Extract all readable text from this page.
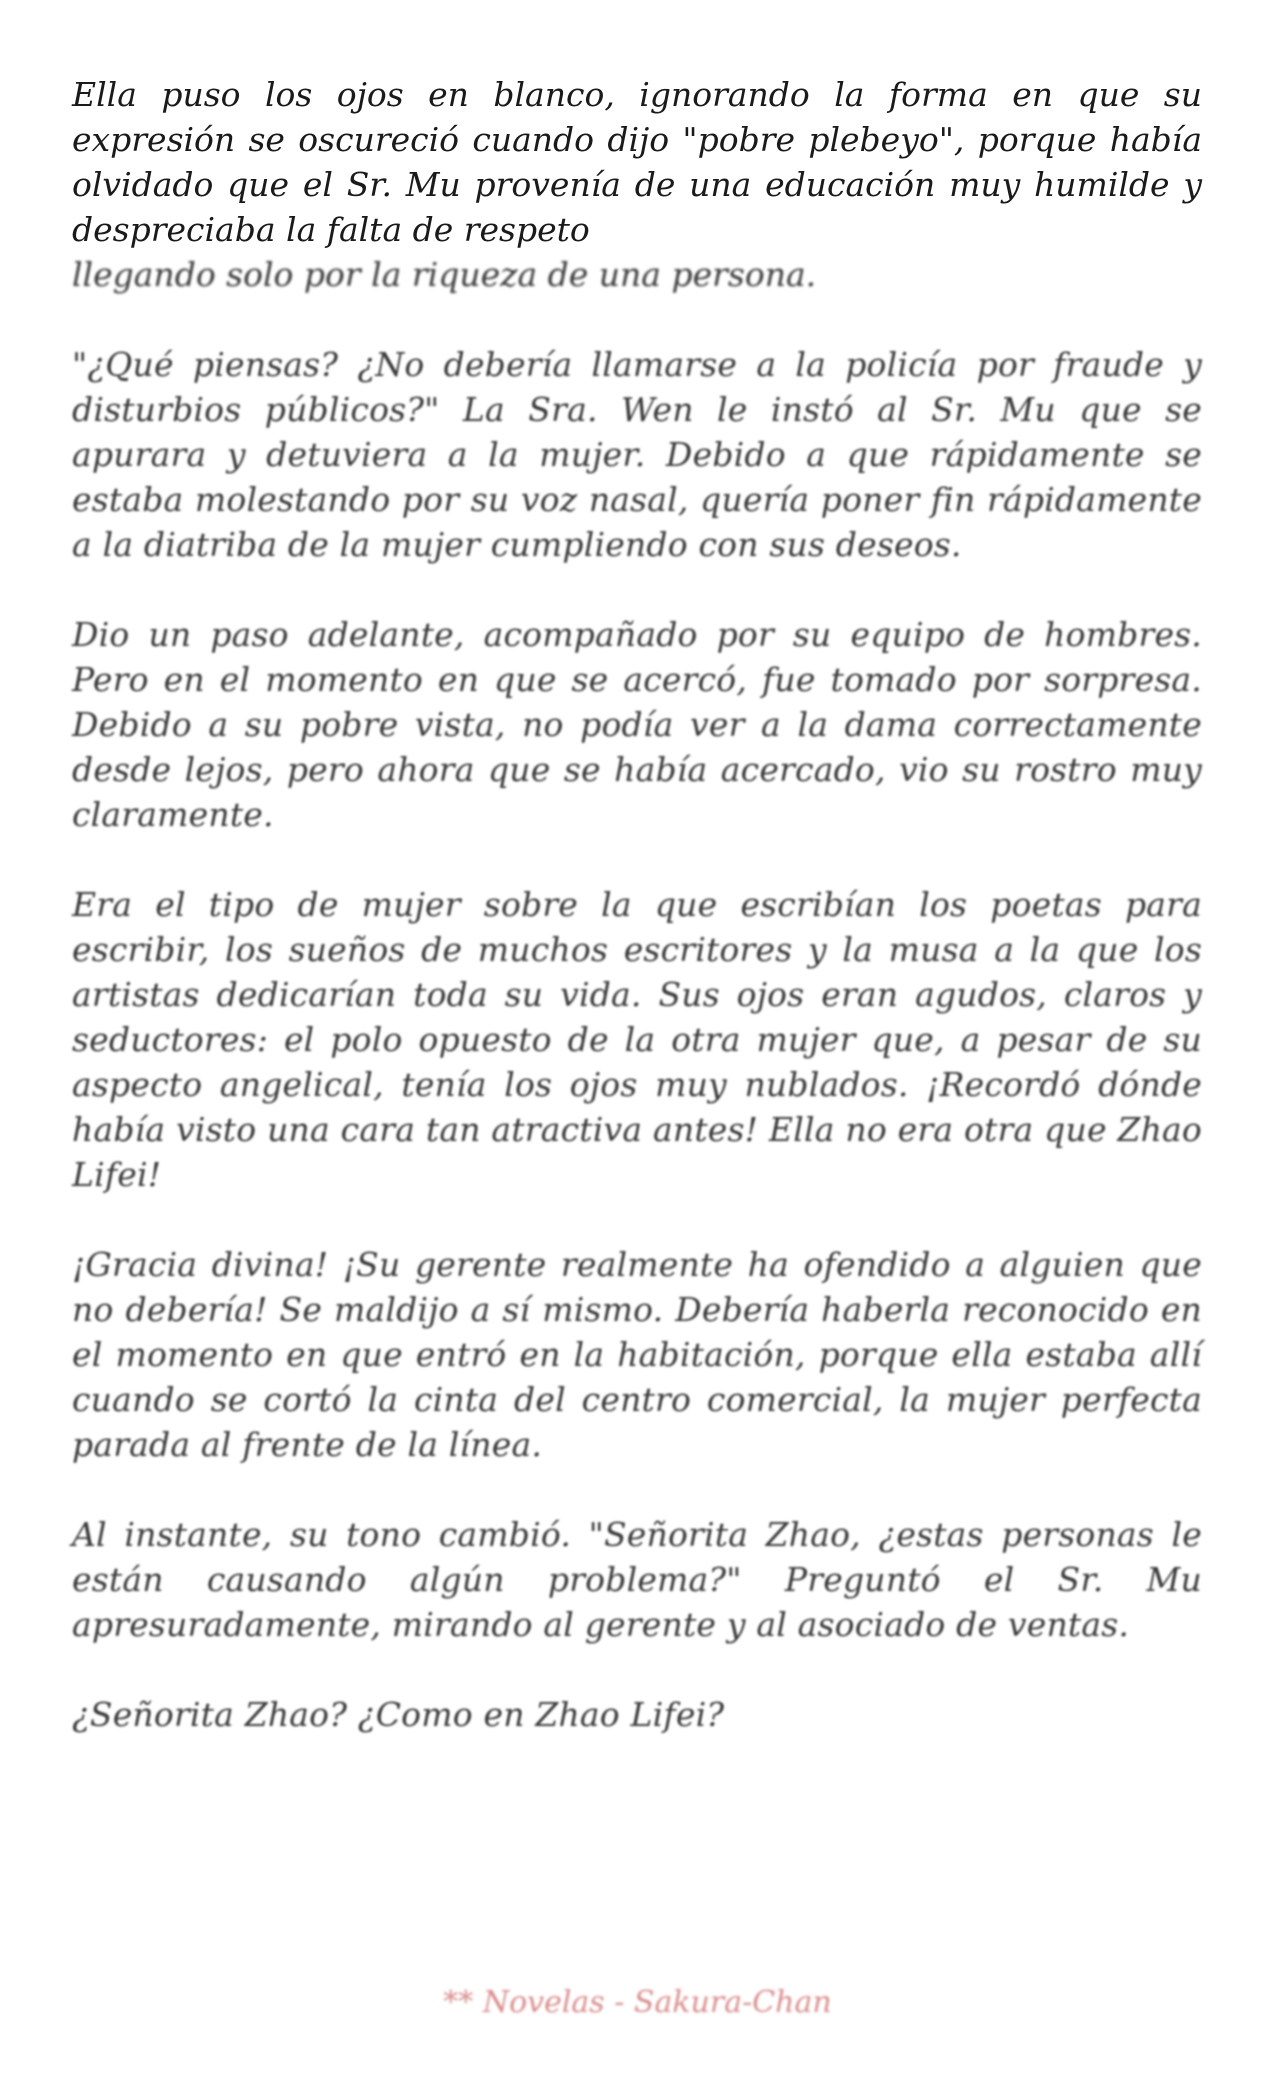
Ella puso los ojos en blanco, ignorando la forma en que su expresión se oscureció cuando dijo "pobre plebeyo", porque había olvidado que el Sr. Mu provenía de una educación muy humilde y despreciaba la falta de respeto

llegando solo por la riqueza de una persona.

"¿Qué piensas? ¿No debería llamarse a la policía por fraude y disturbios públicos?" La Sra. Wen le instó al Sr. Mu que se apurara y detuviera a la mujer. Debido a que rápidamente se estaba molestando por su voz nasal, quería poner fin rápidamente a la diatriba de la mujer cumpliendo con sus deseos.

Dio un paso adelante, acompañado por su equipo de hombres. Pero en el momento en que se acercó, fue tomado por sorpresa. Debido a su pobre vista, no podía ver a la dama correctamente desde lejos, pero ahora que se había acercado, vio su rostro muy claramente.

Era el tipo de mujer sobre la que escribían los poetas para escribir, los sueños de muchos escritores y la musa a la que los artistas dedicarían toda su vida. Sus ojos eran agudos, claros y seductores: el polo opuesto de la otra mujer que, a pesar de su aspecto angelical, tenía los ojos muy nublados. ¡Recordó dónde había visto una cara tan atractiva antes! Ella no era otra que Zhao Lifei!

¡Gracia divina! ¡Su gerente realmente ha ofendido a alguien que no debería! Se maldijo a sí mismo. Debería haberla reconocido en el momento en que entró en la habitación, porque ella estaba allí cuando se cortó la cinta del centro comercial, la mujer perfecta parada al frente de la línea.

Al instante, su tono cambió. "Señorita Zhao, ¿estas personas le están causando algún problema?" Preguntó el Sr. Mu apresuradamente, mirando al gerente y al asociado de ventas.

¿Señorita Zhao? ¿Como en Zhao Lifei?

** Novelas - Sakura-Chan
